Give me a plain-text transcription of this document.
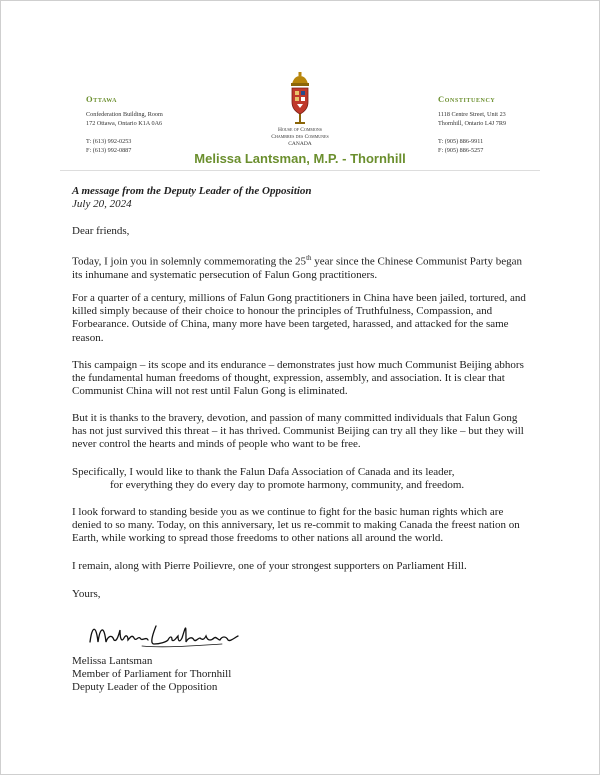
Ottawa
Confederation Building, Room
172 Ottawa, Ontario K1A 0A6
T: (613) 992-0253
F: (613) 992-0887
House of Commons
Chambres des Communes
CANADA
Constituency
1118 Centre Street, Unit 23
Thornhill, Ontario L4J 7R9
T: (905) 886-9911
F: (905) 886-5257
Melissa Lantsman, M.P. - Thornhill
A message from the Deputy Leader of the Opposition
July 20, 2024
Dear friends,
Today, I join you in solemnly commemorating the 25th year since the Chinese Communist Party began its inhumane and systematic persecution of Falun Gong practitioners.
For a quarter of a century, millions of Falun Gong practitioners in China have been jailed, tortured, and killed simply because of their choice to honour the principles of Truthfulness, Compassion, and Forbearance. Outside of China, many more have been targeted, harassed, and attacked for the same reason.
This campaign – its scope and its endurance – demonstrates just how much Communist Beijing abhors the fundamental human freedoms of thought, expression, assembly, and association. It is clear that Communist China will not rest until Falun Gong is eliminated.
But it is thanks to the bravery, devotion, and passion of many committed individuals that Falun Gong has not just survived this threat – it has thrived. Communist Beijing can try all they like – but they will never control the hearts and minds of people who want to be free.
Specifically, I would like to thank the Falun Dafa Association of Canada and its leader,
for everything they do every day to promote harmony, community, and freedom.
I look forward to standing beside you as we continue to fight for the basic human rights which are denied to so many. Today, on this anniversary, let us re-commit to making Canada the freest nation on Earth, while working to spread those freedoms to other nations all around the world.
I remain, along with Pierre Poilievre, one of your strongest supporters on Parliament Hill.
Yours,
Melissa Lantsman
Member of Parliament for Thornhill
Deputy Leader of the Opposition
